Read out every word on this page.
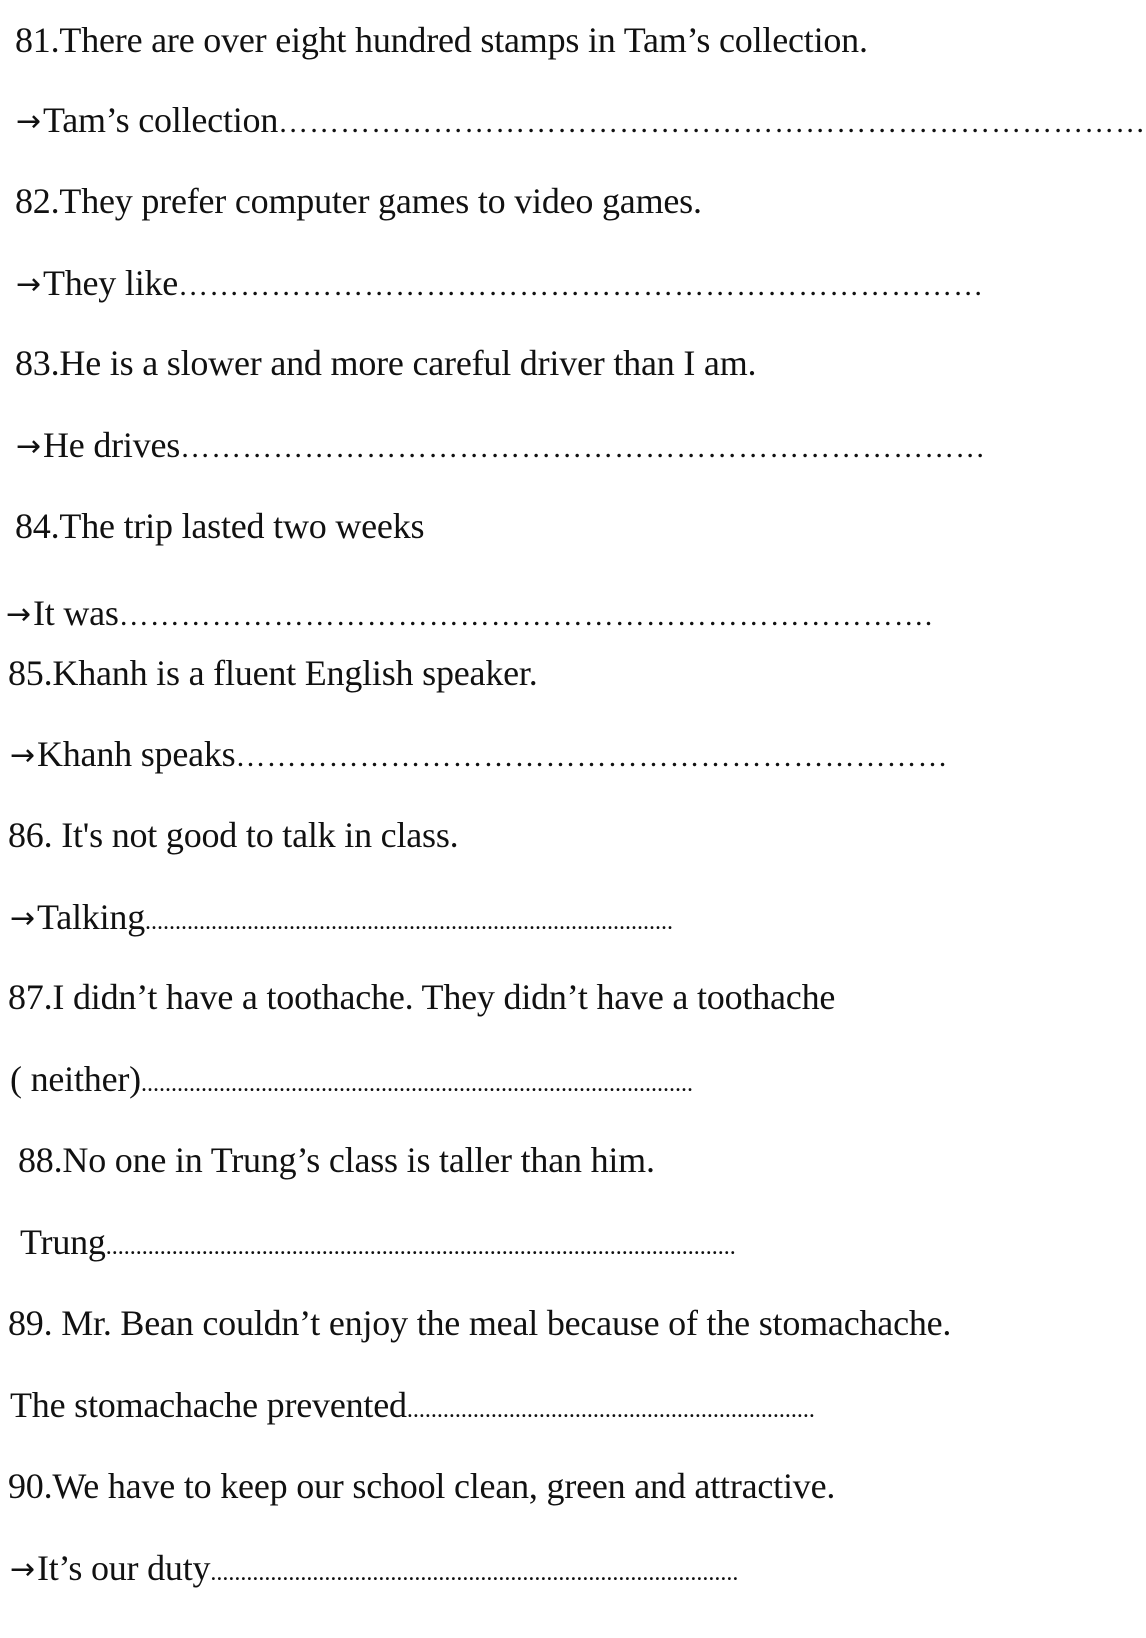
81.There are over eight hundred stamps in Tam’s collection.
→ Tam’s collection …………………………………………………………………………
82.They prefer computer games to video games.
→ They like ……………………………………………………………………
83.He is a slower and more careful driver than I am.
→ He drives ……………………………………………………………………
84.The trip lasted two weeks
→ It was …………………………………………………………………….
85.Khanh is a fluent English speaker.
→ Khanh speaks ……………………………………………………………
86. It's not good to talk in class.
→ Talking ........................................................................................
87.I didn’t have a toothache. They didn’t have a toothache
( neither) ............................................................................................
88.No one in Trung’s class is taller than him.
Trung .........................................................................................................
89. Mr. Bean couldn’t enjoy the meal because of the stomachache.
The stomachache prevented ....................................................................
90.We have to keep our school clean, green and attractive.
→ It’s our duty ........................................................................................
